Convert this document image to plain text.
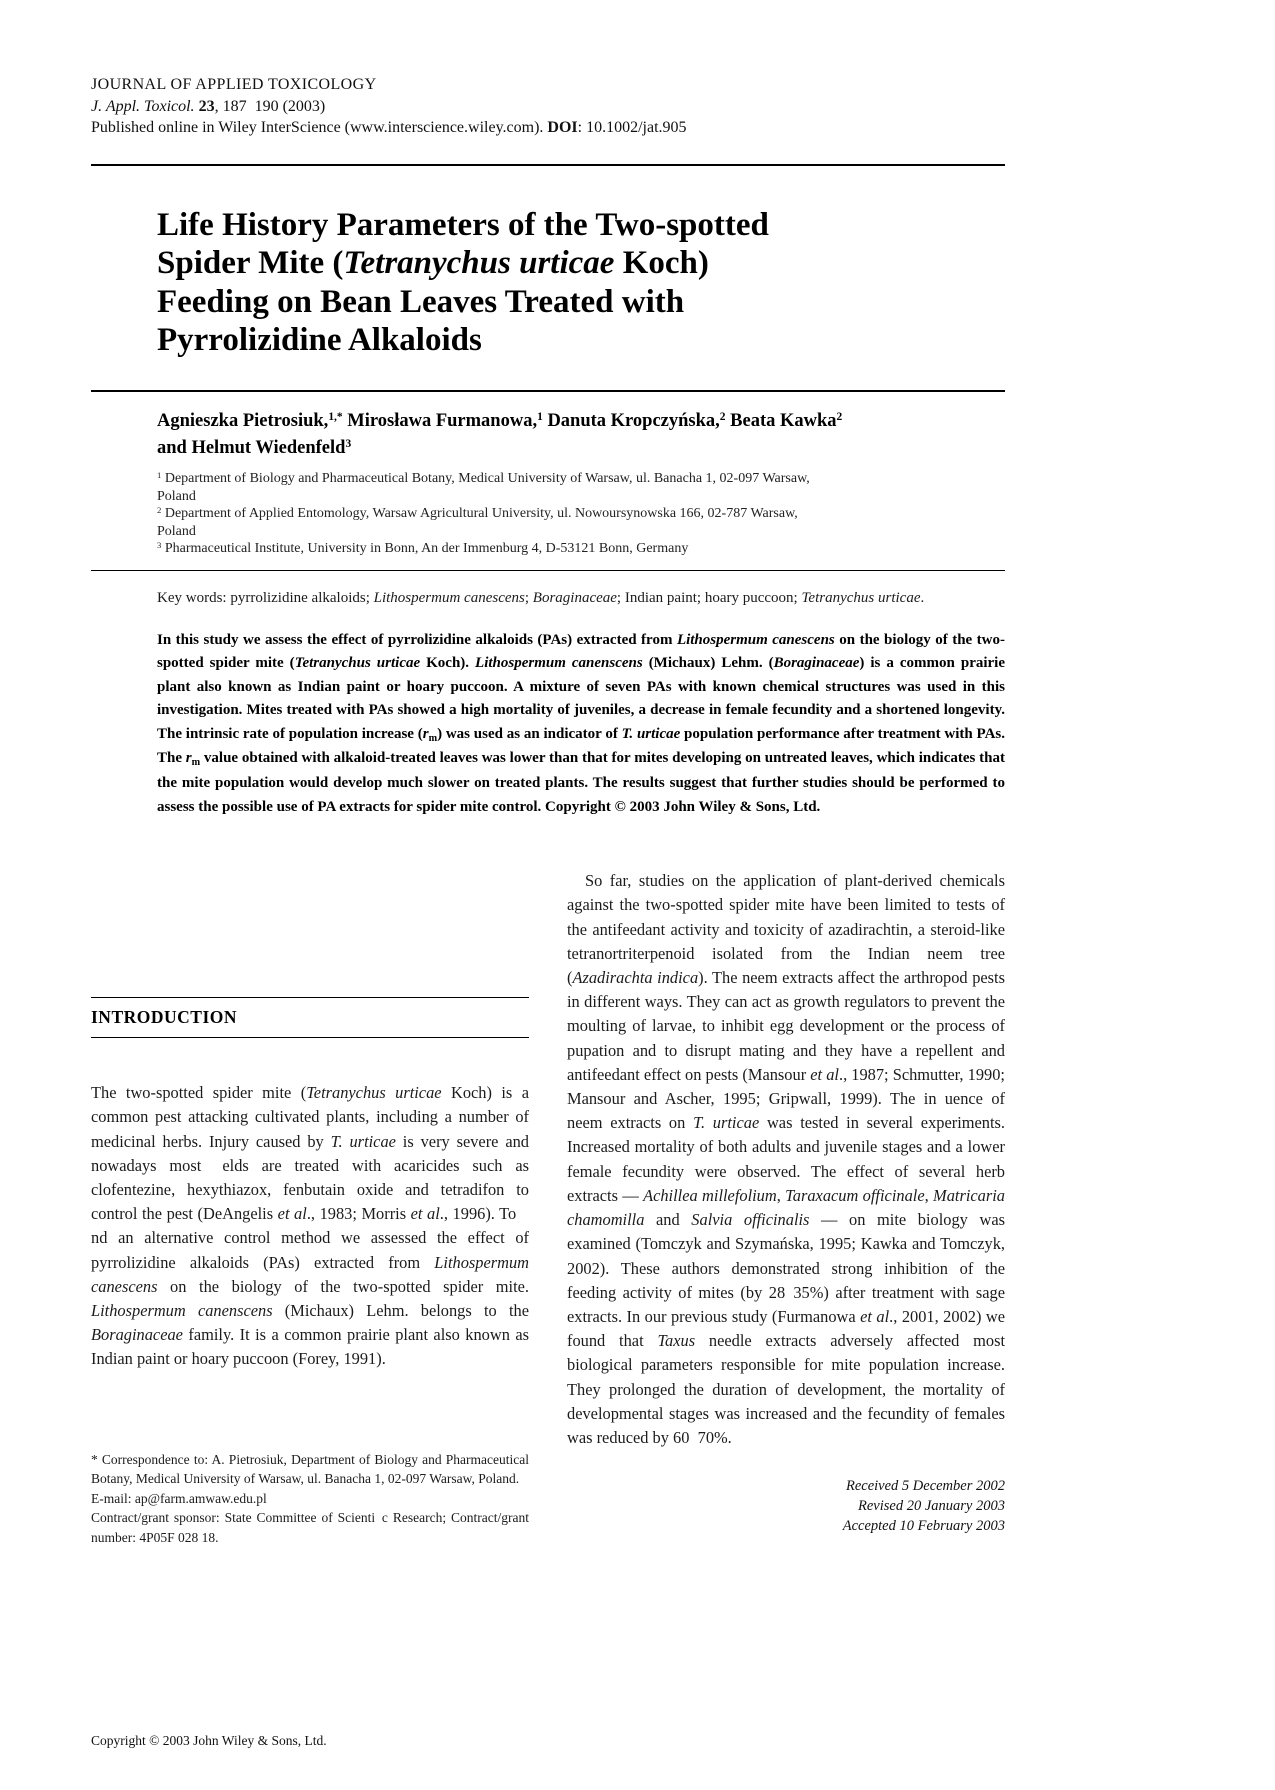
JOURNAL OF APPLIED TOXICOLOGY
J. Appl. Toxicol. 23, 187 190 (2003)
Published online in Wiley InterScience (www.interscience.wiley.com). DOI: 10.1002/jat.905
Life History Parameters of the Two-spotted
Spider Mite (Tetranychus urticae Koch)
Feeding on Bean Leaves Treated with
Pyrrolizidine Alkaloids
Agnieszka Pietrosiuk,$^{1,*}$ Mirosława Furmanowa,$^1$ Danuta Kropczyńska,$^2$ Beata Kawka$^2$
and Helmut Wiedenfeld$^3$
$^1$ Department of Biology and Pharmaceutical Botany, Medical University of Warsaw, ul. Banacha 1, 02-097 Warsaw,
Poland
$^2$ Department of Applied Entomology, Warsaw Agricultural University, ul. Nowoursynowska 166, 02-787 Warsaw,
Poland
$^3$ Pharmaceutical Institute, University in Bonn, An der Immenburg 4, D-53121 Bonn, Germany

Key words: pyrrolizidine alkaloids; Lithospermum canescens; Boraginaceae; Indian paint; hoary puccoon; Tetranychus urticae.

In this study we assess the effect of pyrrolizidine alkaloids (PAs) extracted from Lithospermum canescens on the biology of the two-spotted spider mite (Tetranychus urticae Koch). Lithospermum canenscens (Michaux) Lehm. (Boraginaceae) is a common prairie plant also known as Indian paint or hoary puccoon. A mixture of seven PAs with known chemical structures was used in this investigation. Mites treated with PAs showed a high mortality of juveniles, a decrease in female fecundity and a shortened longevity. The intrinsic rate of population increase (rm) was used as an indicator of T. urticae population performance after treatment with PAs. The rm value obtained with alkaloid-treated leaves was lower than that for mites developing on untreated leaves, which indicates that the mite population would develop much slower on treated plants. The results suggest that further studies should be performed to assess the possible use of PA extracts for spider mite control. Copyright © 2003 John Wiley & Sons, Ltd.

INTRODUCTION

The two-spotted spider mite (Tetranychus urticae Koch) is a common pest attacking cultivated plants, including a number of medicinal herbs. Injury caused by T. urticae is very severe and nowadays most  elds are treated with acaricides such as clofentezine, hexythiazox, fenbutain oxide and tetradifon to control the pest (DeAngelis et al., 1983; Morris et al., 1996). To  nd an alternative control method we assessed the effect of pyrrolizidine alkaloids (PAs) extracted from Lithospermum canescens on the biology of the two-spotted spider mite. Lithospermum canenscens (Michaux) Lehm. belongs to the Boraginaceae family. It is a common prairie plant also known as Indian paint or hoary puccoon (Forey, 1991).

* Correspondence to: A. Pietrosiuk, Department of Biology and Pharmaceutical Botany, Medical University of Warsaw, ul. Banacha 1, 02-097 Warsaw, Poland.
E-mail: ap@farm.amwaw.edu.pl
Contract/grant sponsor: State Committee of Scienti c Research; Contract/grant number: 4P05F 028 18.

So far, studies on the application of plant-derived chemicals against the two-spotted spider mite have been limited to tests of the antifeedant activity and toxicity of azadirachtin, a steroid-like tetranortriterpenoid isolated from the Indian neem tree (Azadirachta indica). The neem extracts affect the arthropod pests in different ways. They can act as growth regulators to prevent the moulting of larvae, to inhibit egg development or the process of pupation and to disrupt mating and they have a repellent and antifeedant effect on pests (Mansour et al., 1987; Schmutter, 1990; Mansour and Ascher, 1995; Gripwall, 1999). The in uence of neem extracts on T. urticae was tested in several experiments. Increased mortality of both adults and juvenile stages and a lower female fecundity were observed. The effect of several herb extracts — Achillea millefolium, Taraxacum officinale, Matricaria chamomilla and Salvia officinalis — on mite biology was examined (Tomczyk and Szymańska, 1995; Kawka and Tomczyk, 2002). These authors demonstrated strong inhibition of the feeding activity of mites (by 28 35%) after treatment with sage extracts. In our previous study (Furmanowa et al., 2001, 2002) we found that Taxus needle extracts adversely affected most biological parameters responsible for mite population increase. They prolonged the duration of development, the mortality of developmental stages was increased and the fecundity of females was reduced by 60 70%.

Received 5 December 2002
Revised 20 January 2003
Accepted 10 February 2003
Copyright © 2003 John Wiley & Sons, Ltd.
